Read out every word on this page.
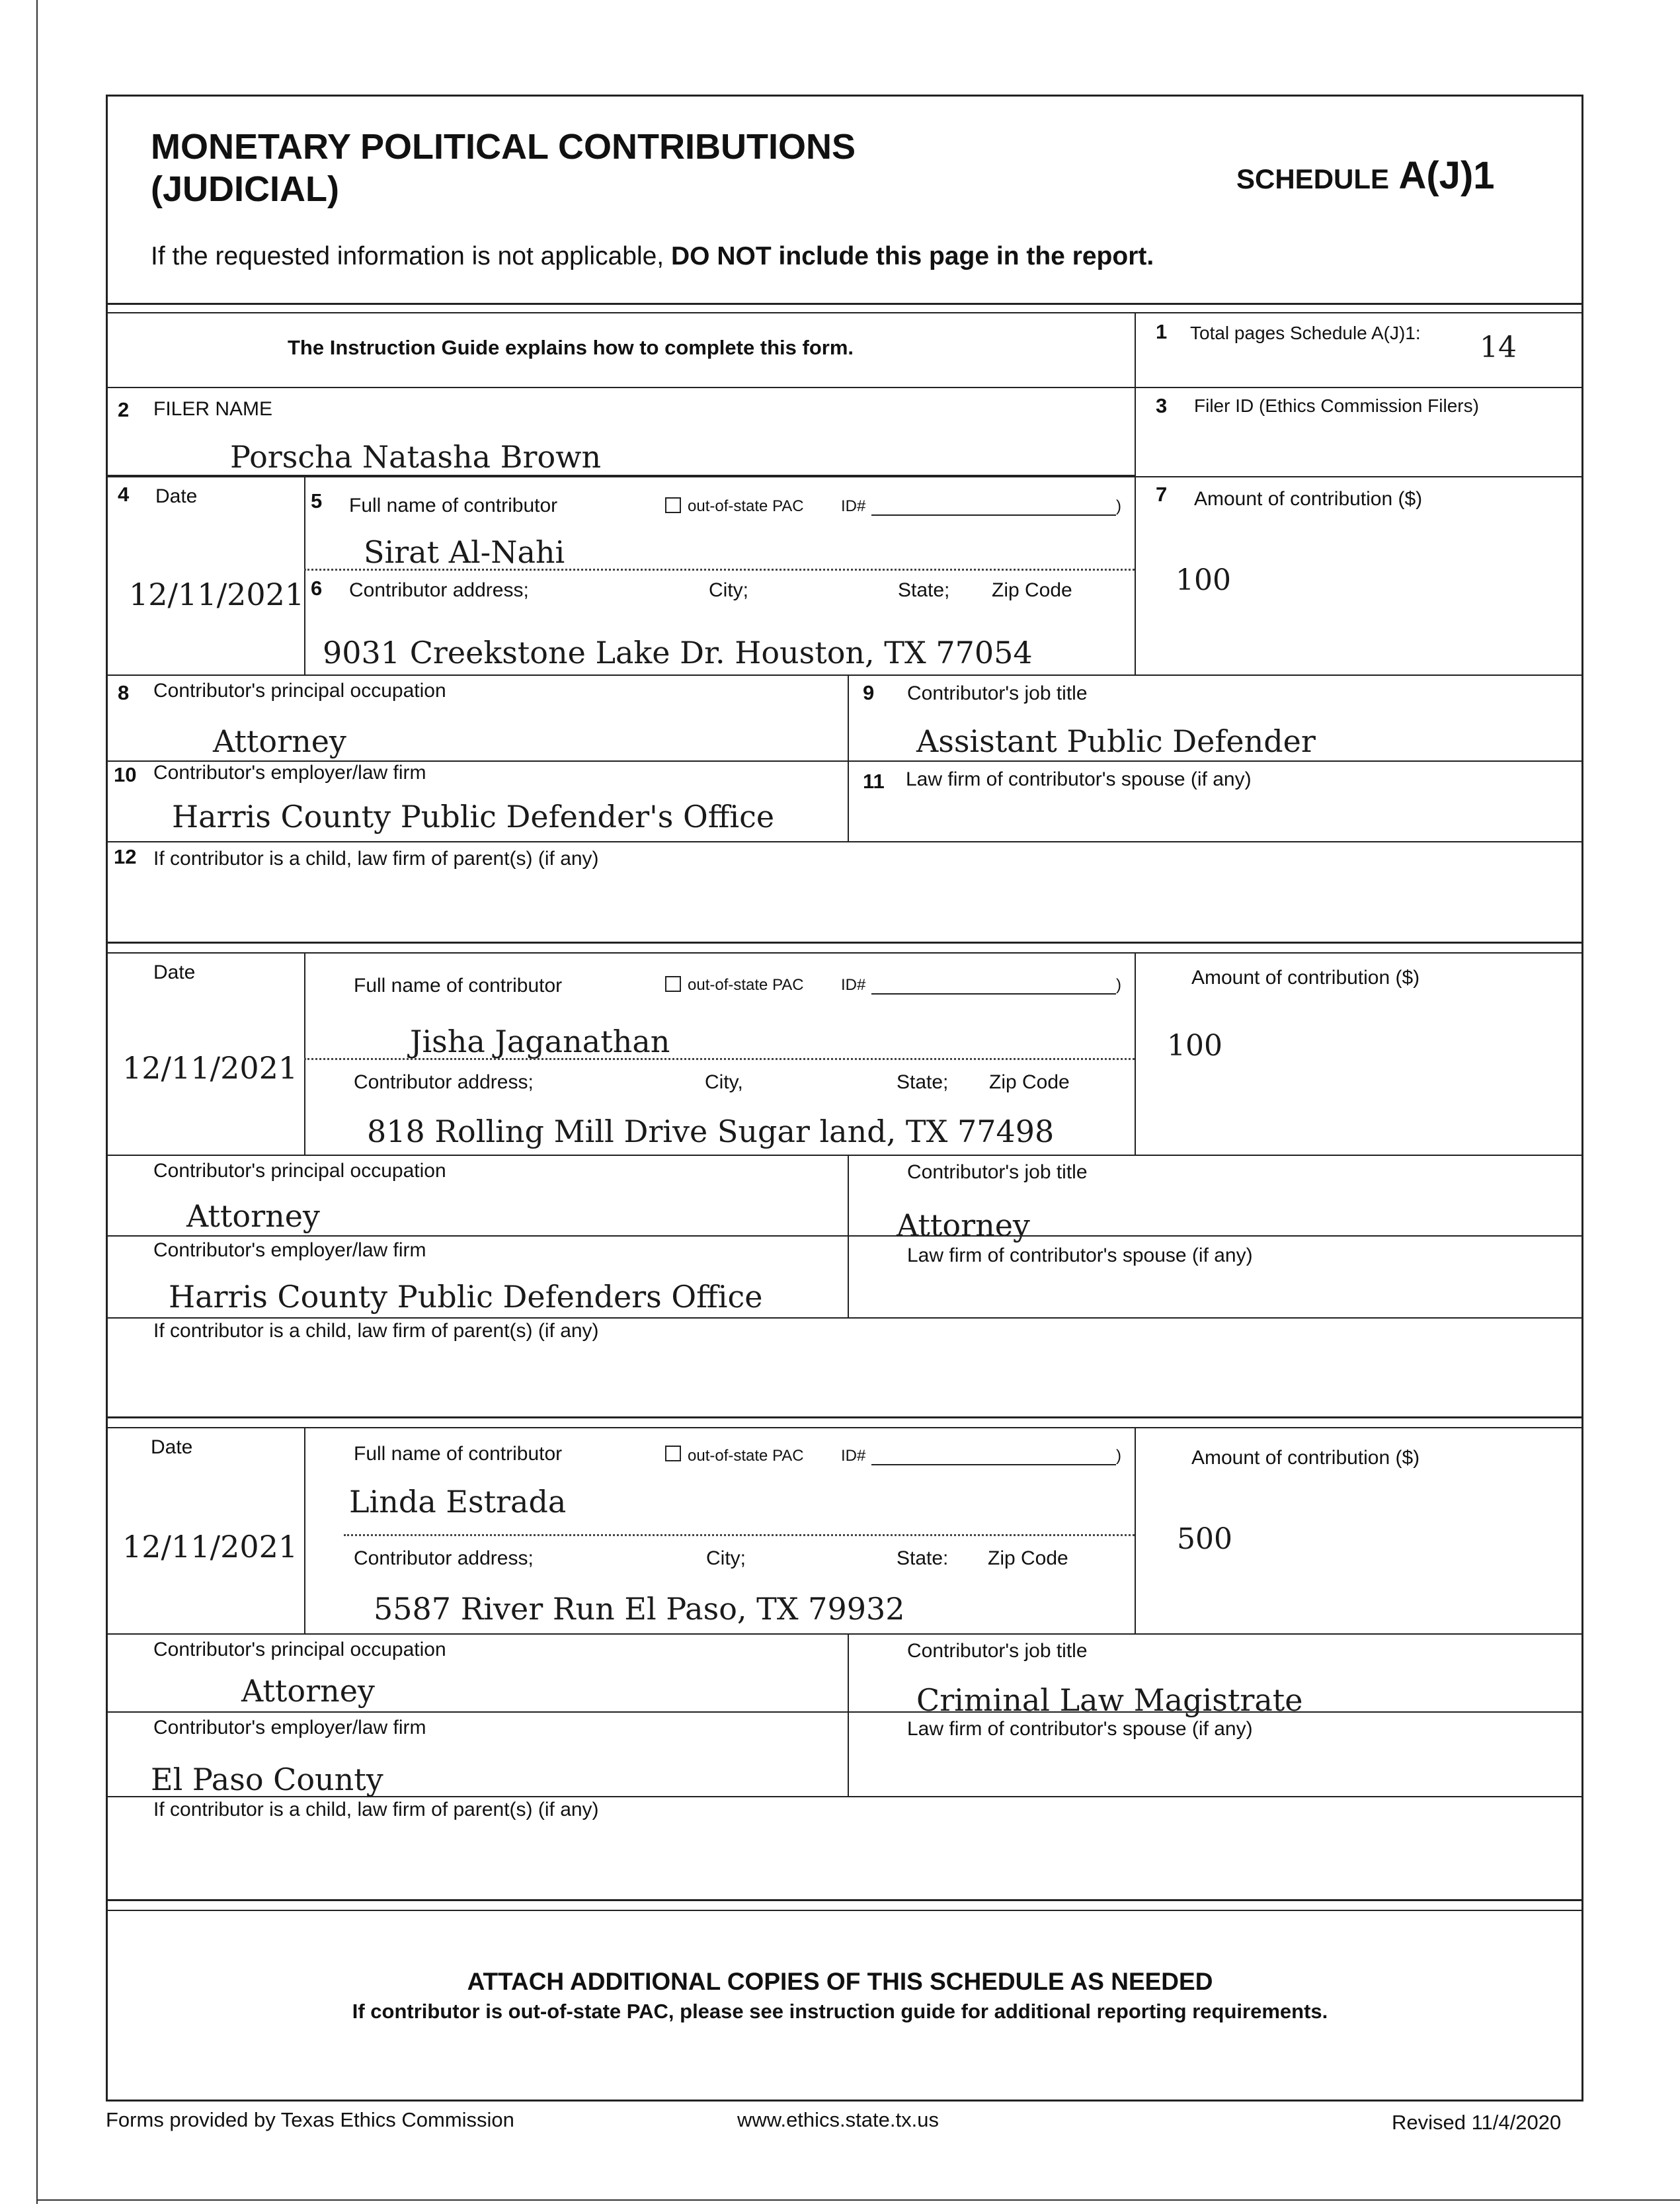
MONETARY POLITICAL CONTRIBUTIONS
(JUDICIAL)	SCHEDULE A(J)1
If the requested information is not applicable, DO NOT include this page in the report.
The Instruction Guide explains how to complete this form.
1 Total pages Schedule A(J)1: 14
2 FILER NAME
Porscha Natasha Brown
3 Filer ID (Ethics Commission Filers)
4 Date
12/11/2021
5 Full name of contributor	out-of-state PAC ID#	)
Sirat Al-Nahi
6 Contributor address;	City;	State; Zip Code
9031 Creekstone Lake Dr. Houston, TX 77054
7 Amount of contribution ($)
100
8 Contributor's principal occupation
Attorney
9 Contributor's job title
Assistant Public Defender
10 Contributor's employer/law firm
Harris County Public Defender's Office
11 Law firm of contributor's spouse (if any)
12 If contributor is a child, law firm of parent(s) (if any)
Date
12/11/2021
Full name of contributor	out-of-state PAC ID#	)
Jisha Jaganathan
Contributor address;	City,	State; Zip Code
818 Rolling Mill Drive Sugar land, TX 77498
Amount of contribution ($)
100
Contributor's principal occupation
Attorney
Contributor's job title
Attorney
Contributor's employer/law firm
Harris County Public Defenders Office
Law firm of contributor's spouse (if any)
If contributor is a child, law firm of parent(s) (if any)
Date
12/11/2021
Full name of contributor	out-of-state PAC ID#	)
Linda Estrada
Contributor address;	City;	State: Zip Code
5587 River Run El Paso, TX 79932
Amount of contribution ($)
500
Contributor's principal occupation
Attorney
Contributor's job title
Criminal Law Magistrate
Contributor's employer/law firm
El Paso County
Law firm of contributor's spouse (if any)
If contributor is a child, law firm of parent(s) (if any)
ATTACH ADDITIONAL COPIES OF THIS SCHEDULE AS NEEDED
If contributor is out-of-state PAC, please see instruction guide for additional reporting requirements.
Forms provided by Texas Ethics Commission	www.ethics.state.tx.us	Revised 11/4/2020
